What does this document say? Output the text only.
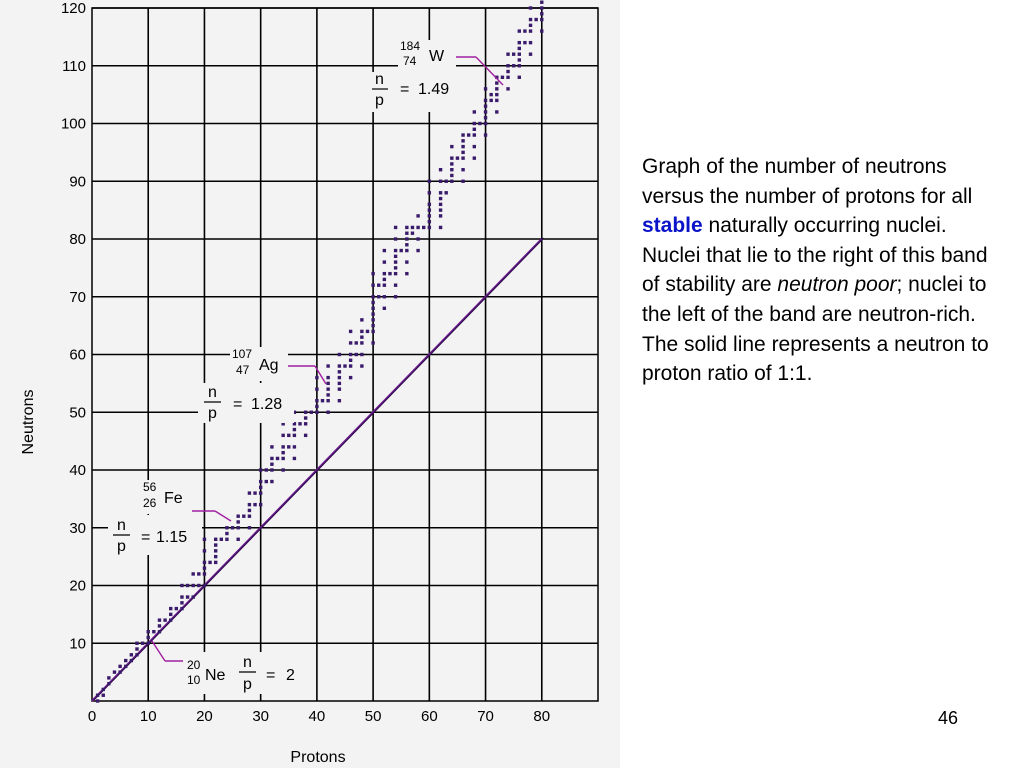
0	10	20	30	40	50	60	70	80
10
20
30
40
50
60
70
80
90
100
110
120
Protons
Neutrons
184
74 W
n
p
= 1.49
107
47 Ag
n
p
= 1.28
56
26 Fe
n
p
= 1.15
20
10 Ne
n
p
= 2
Graph of the number of neutrons versus the number of protons for all stable naturally occurring nuclei. Nuclei that lie to the right of this band of stability are neutron poor; nuclei to the left of the band are neutron-rich. The solid line represents a neutron to proton ratio of 1:1.
46
